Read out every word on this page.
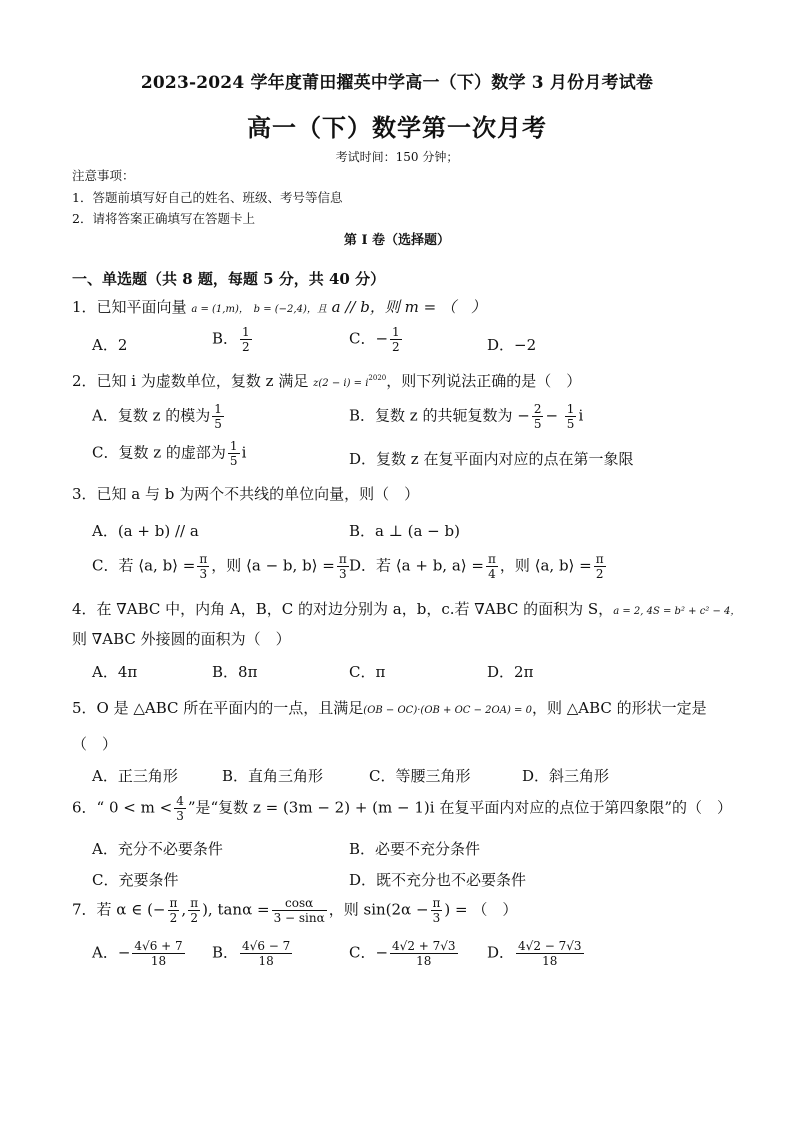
2023-2024 学年度莆田擢英中学高一（下）数学 3 月份月考试卷
高一（下）数学第一次月考
考试时间：150 分钟；
注意事项：
1．答题前填写好自己的姓名、班级、考号等信息
2．请将答案正确填写在答题卡上
第 I 卷（选择题）
一、单选题（共 8 题，每题 5 分，共 40 分）
1．已知平面向量 a = (1,m)， b = (−2,4)，且 a // b，则 m = （　）
A．2	B． $\frac{1}{2}$	C．− $\frac{1}{2}$	D．−2
2．已知 i 为虚数单位，复数 z 满足 $z(2 - i) = i^{2020}$，则下列说法正确的是（　）
A．复数 z 的模为 $\frac{1}{5}$	B．复数 z 的共轭复数为 − $\frac{2}{5} - \frac{1}{5}$ i
C．复数 z 的虚部为 $\frac{1}{5}$ i	D．复数 z 在复平面内对应的点在第一象限
3．已知 a 与 b 为两个不共线的单位向量，则（　）
A．(a + b) // a	B．a ⊥ (a − b)
C．若 ⟨a, b⟩ = $\frac{\pi}{3}$ ，则 ⟨a − b, b⟩ = $\frac{\pi}{3}$ D．若 ⟨a + b, a⟩ = $\frac{\pi}{4}$ ，则 ⟨a, b⟩ = $\frac{\pi}{2}$
4．在 ∇ABC 中，内角 A，B，C 的对边分别为 a，b，c.若 ∇ABC 的面积为 S，a = 2, 4S = b² + c² − 4，
则 ∇ABC 外接圆的面积为（　）
A．4π	B．8π	C．π	D．2π
5．O 是 △ABC 所在平面内的一点，且满足(OB − OC)·(OB + OC − 2OA) = 0，则 △ABC 的形状一定是
（　）
A．正三角形	B．直角三角形	C．等腰三角形	D．斜三角形
6．“ $0 < m < \frac{4}{3}$ ”是“复数 z = (3m − 2) + (m − 1)i 在复平面内对应的点位于第四象限”的（　）
A．充分不必要条件	B．必要不充分条件
C．充要条件	D．既不充分也不必要条件
7．若 α ∈ (− $\frac{\pi}{2}$ , $\frac{\pi}{2}$ ), $\tan\alpha = \frac{\cos\alpha}{3 - \sin\alpha}$ ，则 $\sin(2\alpha - \frac{\pi}{3}$ ) = （　）
A．− $\frac{4√6 + 7}{18}$ B． $\frac{4√6 - 7}{18}$	C．− $\frac{4√2 + 7√3}{18}$ D． $\frac{4√2 - 7√3}{18}$
